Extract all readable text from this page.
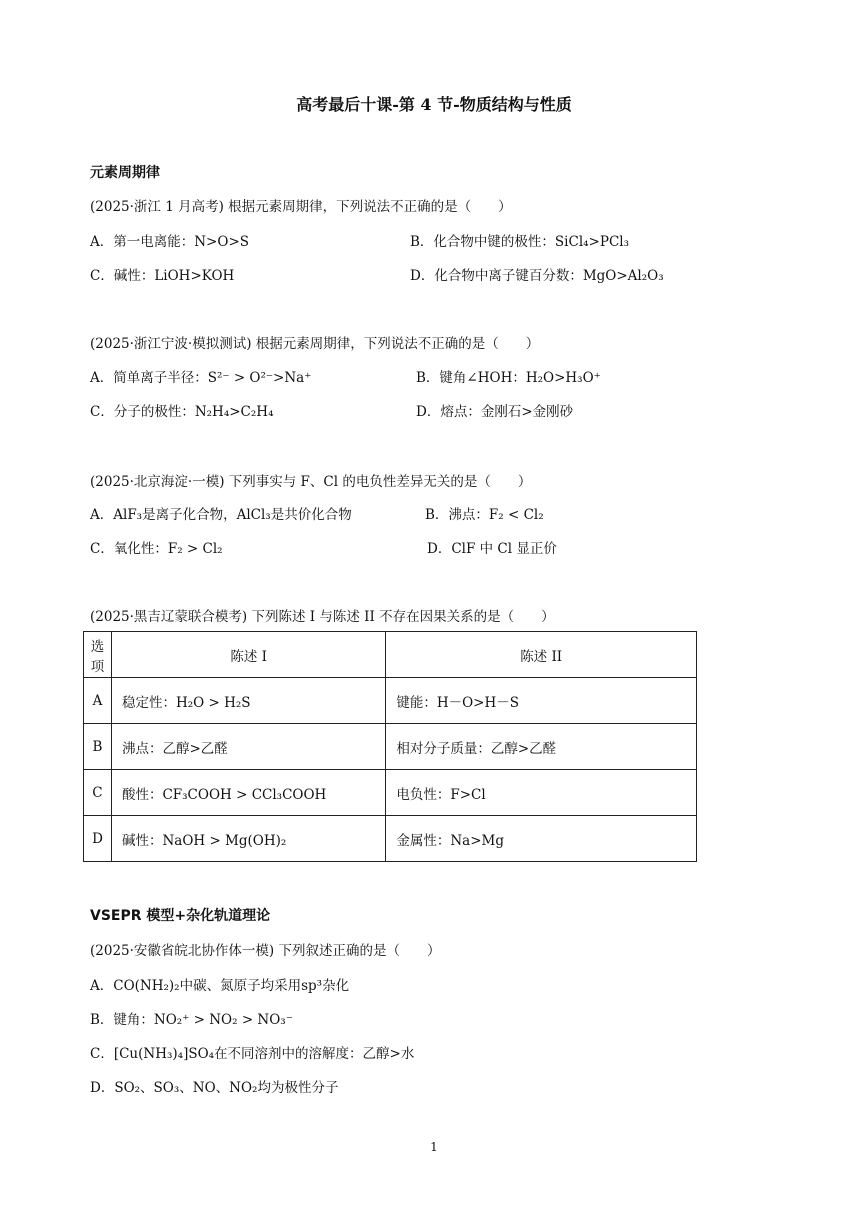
高考最后十课-第 4 节-物质结构与性质
元素周期律
(2025·浙江 1 月高考) 根据元素周期律，下列说法不正确的是（　　）
A．第一电离能：N>O>S	B．化合物中键的极性：SiCl₄>PCl₃
C．碱性：LiOH>KOH	D．化合物中离子键百分数：MgO>Al₂O₃
(2025·浙江宁波·模拟测试) 根据元素周期律，下列说法不正确的是（　　）
A．简单离子半径：S²⁻ > O²⁻>Na⁺	B．键角∠HOH：H₂O>H₃O⁺
C．分子的极性：N₂H₄>C₂H₄	D．熔点：金刚石>金刚砂
(2025·北京海淀·一模) 下列事实与 F、Cl 的电负性差异无关的是（　　）
A．AlF₃是离子化合物，AlCl₃是共价化合物	B．沸点：F₂ < Cl₂
C．氧化性：F₂ > Cl₂	D．ClF 中 Cl 显正价
(2025·黑吉辽蒙联合模考) 下列陈述 I 与陈述 II 不存在因果关系的是（　　）
选项	陈述 I	陈述 II
A	稳定性：H₂O > H₂S	键能：H－O>H－S
B	沸点：乙醇>乙醛	相对分子质量：乙醇>乙醛
C	酸性：CF₃COOH > CCl₃COOH	电负性：F>Cl
D	碱性：NaOH > Mg(OH)₂	金属性：Na>Mg
VSEPR 模型+杂化轨道理论
(2025·安徽省皖北协作体一模) 下列叙述正确的是（　　）
A．CO(NH₂)₂中碳、氮原子均采用sp³杂化
B．键角：NO₂⁺ > NO₂ > NO₃⁻
C．[Cu(NH₃)₄]SO₄在不同溶剂中的溶解度：乙醇>水
D．SO₂、SO₃、NO、NO₂均为极性分子
1
